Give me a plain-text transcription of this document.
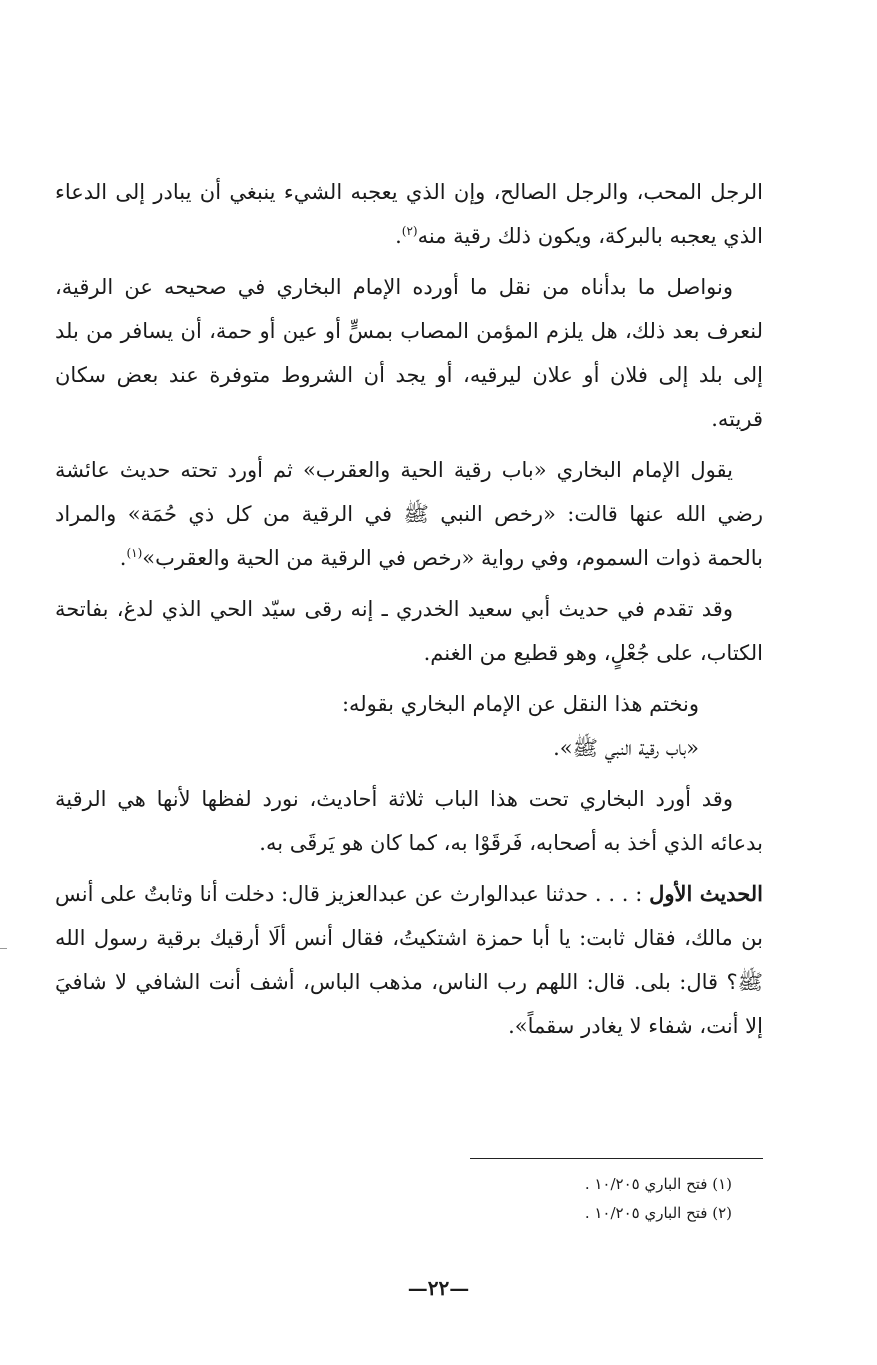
الرجل المحب، والرجل الصالح، وإن الذي يعجبه الشيء ينبغي أن يبادر إلى الدعاء الذي يعجبه بالبركة، ويكون ذلك رقية منه$^{(٢)}$.

ونواصل ما بدأناه من نقل ما أورده الإمام البخاري في صحيحه عن الرقية، لنعرف بعد ذلك، هل يلزم المؤمن المصاب بمسٍّ أو عين أو حمة، أن يسافر من بلد إلى بلد إلى فلان أو علان ليرقيه، أو يجد أن الشروط متوفرة عند بعض سكان قريته.

يقول الإمام البخاري «باب رقية الحية والعقرب» ثم أورد تحته حديث عائشة رضي الله عنها قالت: «رخص النبي ﷺ في الرقية من كل ذي حُمَة» والمراد بالحمة ذوات السموم، وفي رواية «رخص في الرقية من الحية والعقرب»$^{(١)}$.

وقد تقدم في حديث أبي سعيد الخدري ـ إنه رقى سيّد الحي الذي لدغ، بفاتحة الكتاب، على جُعْلٍ، وهو قطيع من الغنم.

ونختم هذا النقل عن الإمام البخاري بقوله:

«باب رقية النبي ﷺ».

وقد أورد البخاري تحت هذا الباب ثلاثة أحاديث، نورد لفظها لأنها هي الرقية بدعائه الذي أخذ به أصحابه، فَرقَوْا به، كما كان هو يَرقَى به.

الحديث الأول : . . . حدثنا عبدالوارث عن عبدالعزيز قال: دخلت أنا وثابتٌ على أنس بن مالك، فقال ثابت: يا أبا حمزة اشتكيتُ، فقال أنس ألَا أرقيك برقية رسول الله ﷺ؟ قال: بلى. قال: اللهم رب الناس، مذهب الباس، أشف أنت الشافي لا شافيَ إلا أنت، شفاء لا يغادر سقماً».

(١) فتح الباري ١٠/٢٠٥ .
(٢) فتح الباري ١٠/٢٠٥ .
—٢٢—
